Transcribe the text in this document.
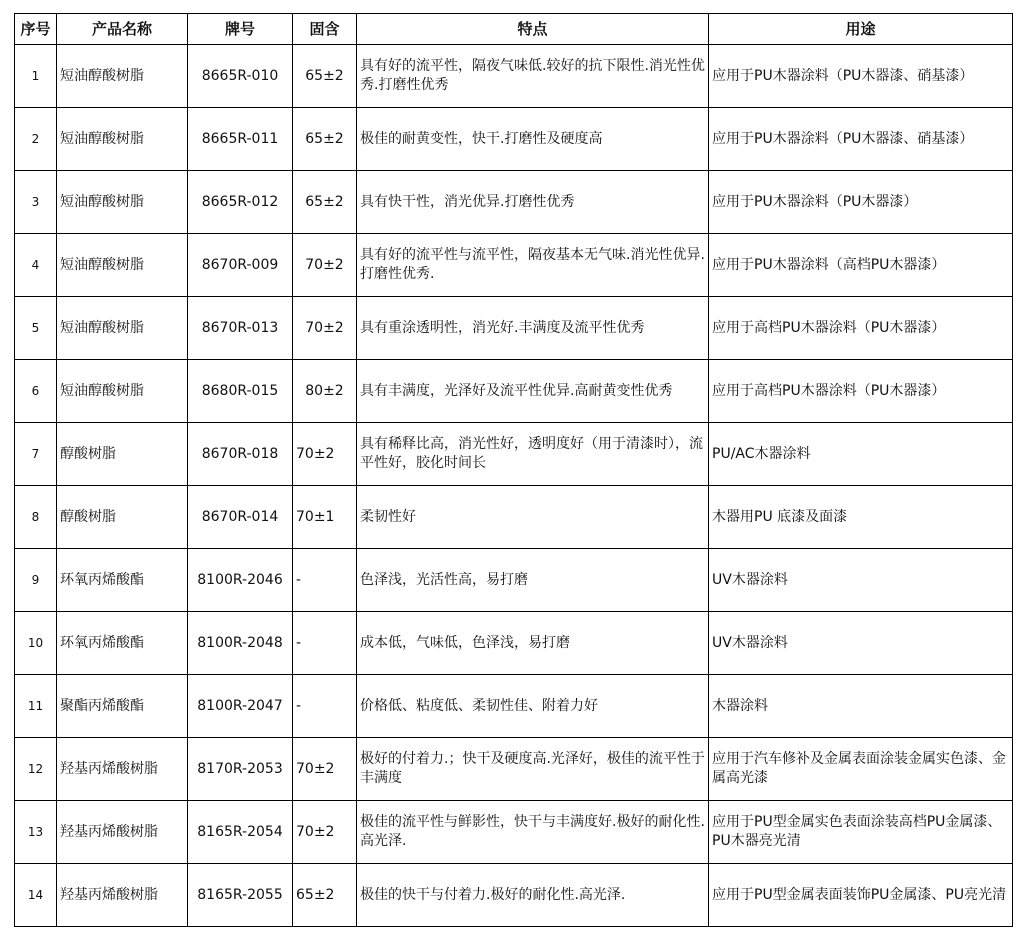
序号	产品名称	牌号	固含	特点	用途
1	短油醇酸树脂	8665R-010	65±2	具有好的流平性，隔夜气味低.较好的抗下限性.消光性优秀.打磨性优秀	应用于PU木器涂料（PU木器漆、硝基漆）
2	短油醇酸树脂	8665R-011	65±2	极佳的耐黄变性，快干.打磨性及硬度高	应用于PU木器涂料（PU木器漆、硝基漆）
3	短油醇酸树脂	8665R-012	65±2	具有快干性，消光优异.打磨性优秀	应用于PU木器涂料（PU木器漆）
4	短油醇酸树脂	8670R-009	70±2	具有好的流平性与流平性，隔夜基本无气味.消光性优异.打磨性优秀.	应用于PU木器涂料（高档PU木器漆）
5	短油醇酸树脂	8670R-013	70±2	具有重涂透明性，消光好.丰满度及流平性优秀	应用于高档PU木器涂料（PU木器漆）
6	短油醇酸树脂	8680R-015	80±2	具有丰满度，光泽好及流平性优异.高耐黄变性优秀	应用于高档PU木器涂料（PU木器漆）
7	醇酸树脂	8670R-018	70±2	具有稀释比高，消光性好，透明度好（用于清漆时），流平性好，胶化时间长	PU/AC木器涂料
8	醇酸树脂	8670R-014	70±1	柔韧性好	木器用PU 底漆及面漆
9	环氧丙烯酸酯	8100R-2046	-	色泽浅，光活性高，易打磨	UV木器涂料
10	环氧丙烯酸酯	8100R-2048	-	成本低，气味低，色泽浅，易打磨	UV木器涂料
11	聚酯丙烯酸酯	8100R-2047	-	价格低、粘度低、柔韧性佳、附着力好	木器涂料
12	羟基丙烯酸树脂	8170R-2053	70±2	极好的付着力.；快干及硬度高.光泽好，极佳的流平性于丰满度	应用于汽车修补及金属表面涂装金属实色漆、金属高光漆
13	羟基丙烯酸树脂	8165R-2054	70±2	极佳的流平性与鲜影性，快干与丰满度好.极好的耐化性.高光泽.	应用于PU型金属实色表面涂装高档PU金属漆、PU木器亮光清
14	羟基丙烯酸树脂	8165R-2055	65±2	极佳的快干与付着力.极好的耐化性.高光泽.	应用于PU型金属表面装饰PU金属漆、PU亮光清
